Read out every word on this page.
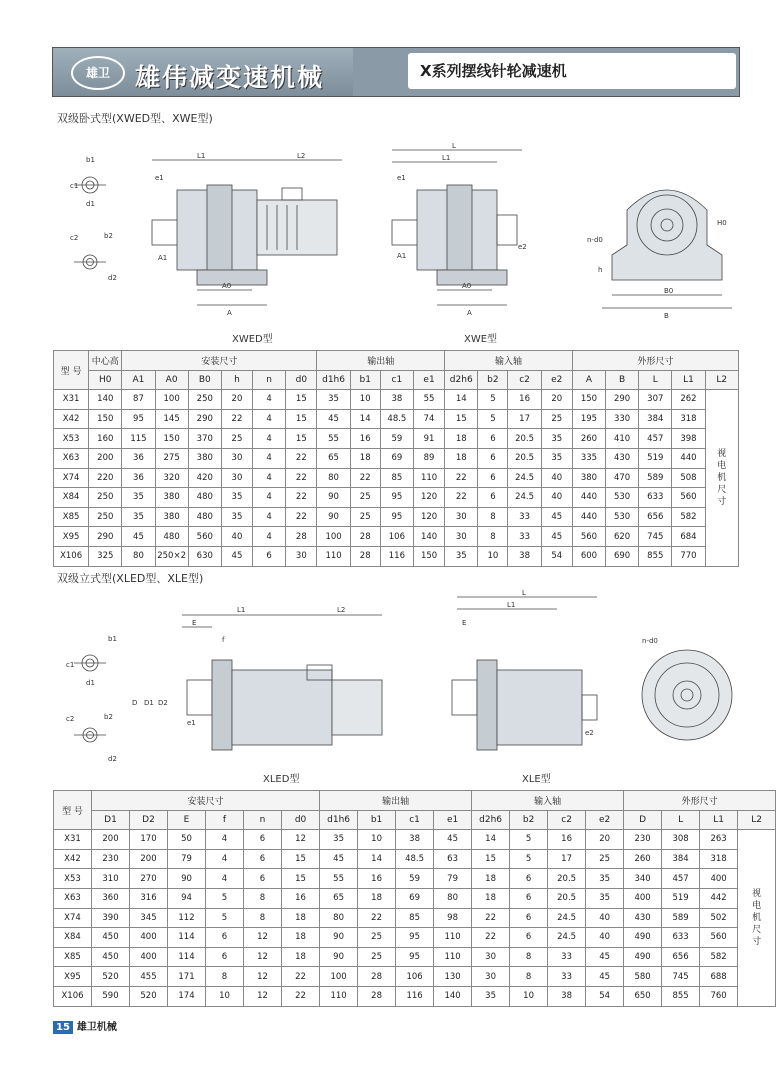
雄卫	雄伟减变速机械	X系列摆线针轮减速机
双级卧式型(XWED型、XWE型)
b1
c1
d1
c2	b2
d2
L1	L2
e1
A1
A0
A
L
L1
e1
A1
A0
A
e2
n-d0
H0
h
B0
B
XWED型	XWE型
型 号	中心高	安装尺寸						输出轴				输入轴				外形尺寸				
	H0	A1	A0	B0	h	n	d0	d1h6	b1	c1	e1	d2h6	b2	c2	e2	A	B	L	L1	L2
X31	140	87	100	250	20	4	15	35	10	38	55	14	5	16	20	150	290	307	262	视
电
机
尺
寸
X42	150	95	145	290	22	4	15	45	14	48.5	74	15	5	17	25	195	330	384	318	
X53	160	115	150	370	25	4	15	55	16	59	91	18	6	20.5	35	260	410	457	398	
X63	200	36	275	380	30	4	22	65	18	69	89	18	6	20.5	35	335	430	519	440	
X74	220	36	320	420	30	4	22	80	22	85	110	22	6	24.5	40	380	470	589	508	
X84	250	35	380	480	35	4	22	90	25	95	120	22	6	24.5	40	440	530	633	560	
X85	250	35	380	480	35	4	22	90	25	95	120	30	8	33	45	440	530	656	582	
X95	290	45	480	560	40	4	28	100	28	106	140	30	8	33	45	560	620	745	684	
X106	325	80	250×2	630	45	6	30	110	28	116	150	35	10	38	54	600	690	855	770	
双级立式型(XLED型、XLE型)
b1
c1
d1
c2	b2
d2
L1	L2
E
f
D D1 D2
e1
L
L1
E
e2
n-d0
XLED型	XLE型
型 号	安装尺寸						输出轴				输入轴				外形尺寸			
	D1	D2	E	f	n	d0	d1h6	b1	c1	e1	d2h6	b2	c2	e2	D	L	L1	L2
X31	200	170	50	4	6	12	35	10	38	45	14	5	16	20	230	308	263	视
电
机
尺
寸
X42	230	200	79	4	6	15	45	14	48.5	63	15	5	17	25	260	384	318	
X53	310	270	90	4	6	15	55	16	59	79	18	6	20.5	35	340	457	400	
X63	360	316	94	5	8	16	65	18	69	80	18	6	20.5	35	400	519	442	
X74	390	345	112	5	8	18	80	22	85	98	22	6	24.5	40	430	589	502	
X84	450	400	114	6	12	18	90	25	95	110	22	6	24.5	40	490	633	560	
X85	450	400	114	6	12	18	90	25	95	110	30	8	33	45	490	656	582	
X95	520	455	171	8	12	22	100	28	106	130	30	8	33	45	580	745	688	
X106	590	520	174	10	12	22	110	28	116	140	35	10	38	54	650	855	760	
15 雄卫机械
